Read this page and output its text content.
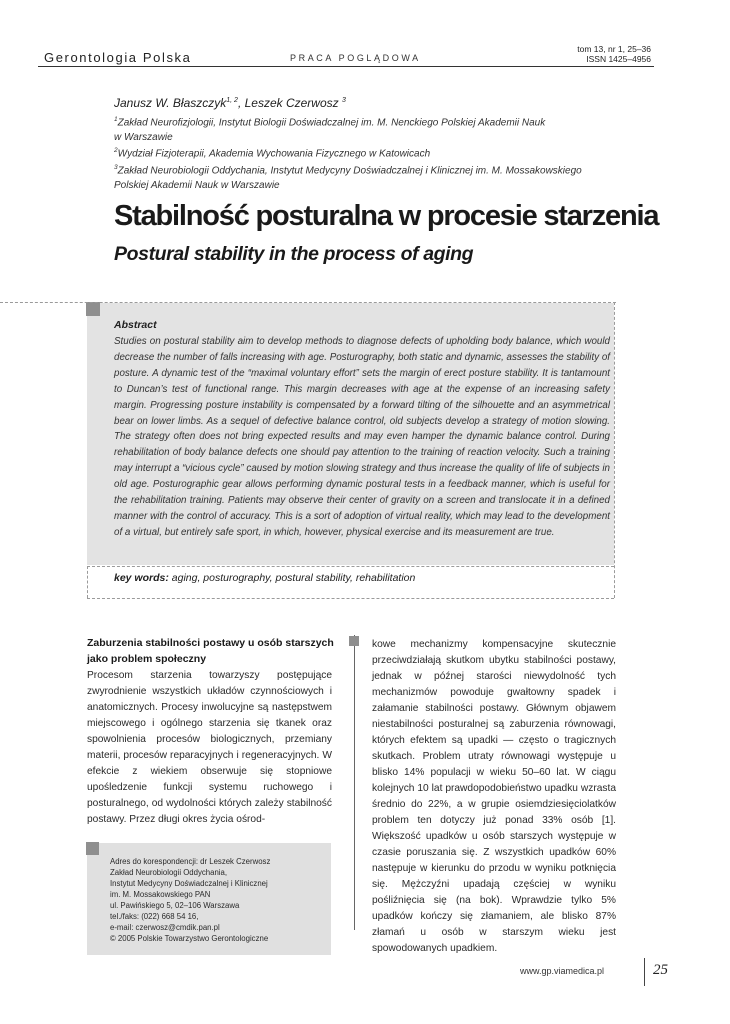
Gerontologia Polska	PRACA POGLĄDOWA
tom 13, nr 1, 25–36
ISSN 1425–4956
Janusz W. Błaszczyk$^{1, 2}$, Leszek Czerwosz $^3$
$^1$Zakład Neurofizjologii, Instytut Biologii Doświadczalnej im. M. Nenckiego Polskiej Akademii Nauk
w Warszawie
$^2$Wydział Fizjoterapii, Akademia Wychowania Fizycznego w Katowicach
$^3$Zakład Neurobiologii Oddychania, Instytut Medycyny Doświadczalnej i Klinicznej im. M. Mossakowskiego
Polskiej Akademii Nauk w Warszawie
Stabilność posturalna w procesie starzenia
Postural stability in the process of aging
Abstract
Studies on postural stability aim to develop methods to diagnose defects of upholding body balance, which would decrease the number of falls increasing with age. Posturography, both static and dynamic, assesses the stability of posture. A dynamic test of the “maximal voluntary effort” sets the margin of erect posture stability. It is tantamount to Duncan’s test of functional range. This margin decreases with age at the expense of an increasing safety margin. Progressing posture instability is compensated by a forward tilting of the silhouette and an asymmetrical bear on lower limbs. As a sequel of defective balance control, old subjects develop a strategy of motion slowing. The strategy often does not bring expected results and may even hamper the dynamic balance control. During rehabilitation of body balance defects one should pay attention to the training of reaction velocity. Such a training may interrupt a “vicious cycle” caused by motion slowing strategy and thus increase the quality of life of subjects in old age. Posturographic gear allows performing dynamic postural tests in a feedback manner, which is useful for the rehabilitation training. Patients may observe their center of gravity on a screen and translocate it in a defined manner with the control of accuracy. This is a sort of adoption of virtual reality, which may lead to the development of a virtual, but entirely safe sport, in which, however, physical exercise and its measurement are true.
key words: aging, posturography, postural stability, rehabilitation
Zaburzenia stabilności postawy u osób starszych jako problem społeczny
Procesom starzenia towarzyszy postępujące zwyrodnienie wszystkich układów czynnościowych i anatomicznych. Procesy inwolucyjne są następstwem miejscowego i ogólnego starzenia się tkanek oraz spowolnienia procesów biologicznych, przemiany materii, procesów reparacyjnych i regeneracyjnych. W efekcie z wiekiem obserwuje się stopniowe upośledzenie funkcji systemu ruchowego i posturalnego, od wydolności których zależy stabilność postawy. Przez długi okres życia ośrod-
kowe mechanizmy kompensacyjne skutecznie przeciwdziałają skutkom ubytku stabilności postawy, jednak w późnej starości niewydolność tych mechanizmów powoduje gwałtowny spadek i załamanie stabilności postawy. Głównym objawem niestabilności posturalnej są zaburzenia równowagi, których efektem są upadki — często o tragicznych skutkach. Problem utraty równowagi występuje u blisko 14% populacji w wieku 50–60 lat. W ciągu kolejnych 10 lat prawdopodobieństwo upadku wzrasta średnio do 22%, a w grupie osiemdziesięciolatków problem ten dotyczy już ponad 33% osób [1]. Większość upadków u osób starszych występuje w czasie poruszania się. Z wszystkich upadków 60% następuje w kierunku do przodu w wyniku potknięcia się. Mężczyźni upadają częściej w wyniku pośliźnięcia się (na bok). Wprawdzie tylko 5% upadków kończy się złamaniem, ale blisko 87% złamań u osób w starszym wieku jest spowodowanych upadkiem.
Adres do korespondencji: dr Leszek Czerwosz
Zakład Neurobiologii Oddychania,
Instytut Medycyny Doświadczalnej i Klinicznej
im. M. Mossakowskiego PAN
ul. Pawińskiego 5, 02–106 Warszawa
tel./faks: (022) 668 54 16,
e-mail: czerwosz@cmdik.pan.pl
© 2005 Polskie Towarzystwo Gerontologiczne
www.gp.viamedica.pl	25
